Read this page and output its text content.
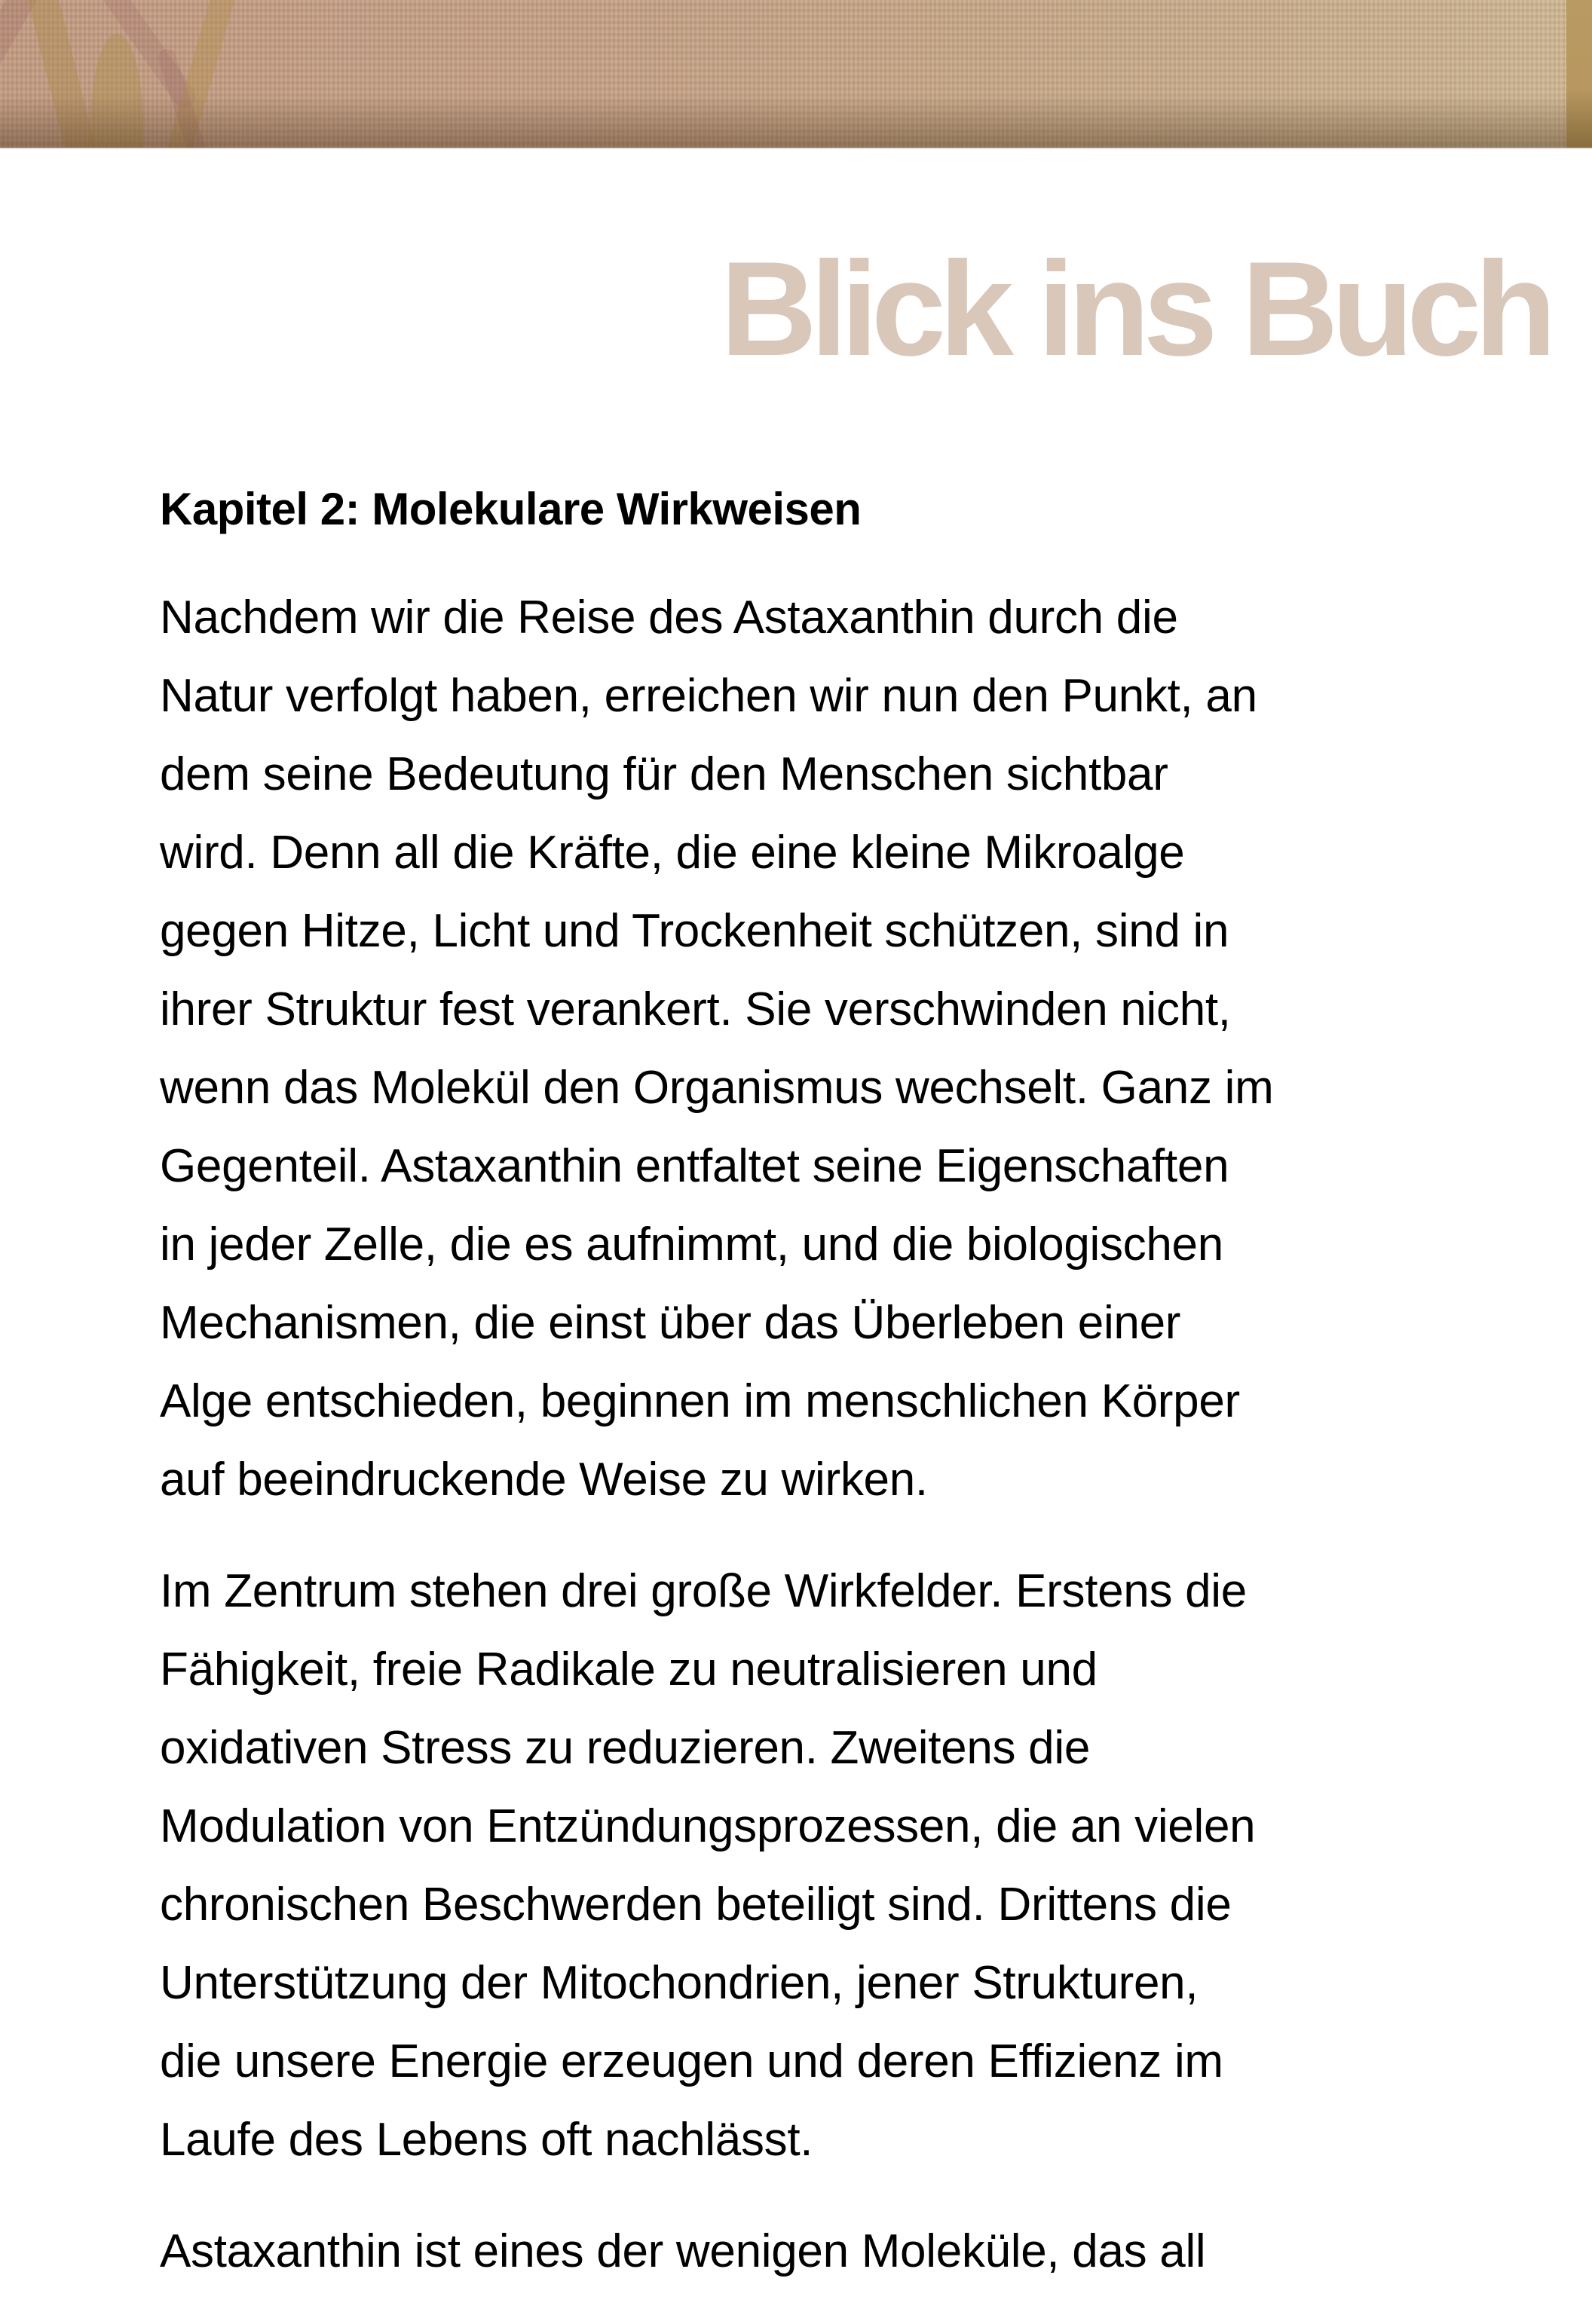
Blick ins Buch
Kapitel 2: Molekulare Wirkweisen

Nachdem wir die Reise des Astaxanthin durch die
Natur verfolgt haben, erreichen wir nun den Punkt, an
dem seine Bedeutung für den Menschen sichtbar
wird. Denn all die Kräfte, die eine kleine Mikroalge
gegen Hitze, Licht und Trockenheit schützen, sind in
ihrer Struktur fest verankert. Sie verschwinden nicht,
wenn das Molekül den Organismus wechselt. Ganz im
Gegenteil. Astaxanthin entfaltet seine Eigenschaften
in jeder Zelle, die es aufnimmt, und die biologischen
Mechanismen, die einst über das Überleben einer
Alge entschieden, beginnen im menschlichen Körper
auf beeindruckende Weise zu wirken.

Im Zentrum stehen drei große Wirkfelder. Erstens die
Fähigkeit, freie Radikale zu neutralisieren und
oxidativen Stress zu reduzieren. Zweitens die
Modulation von Entzündungsprozessen, die an vielen
chronischen Beschwerden beteiligt sind. Drittens die
Unterstützung der Mitochondrien, jener Strukturen,
die unsere Energie erzeugen und deren Effizienz im
Laufe des Lebens oft nachlässt.

Astaxanthin ist eines der wenigen Moleküle, das all
